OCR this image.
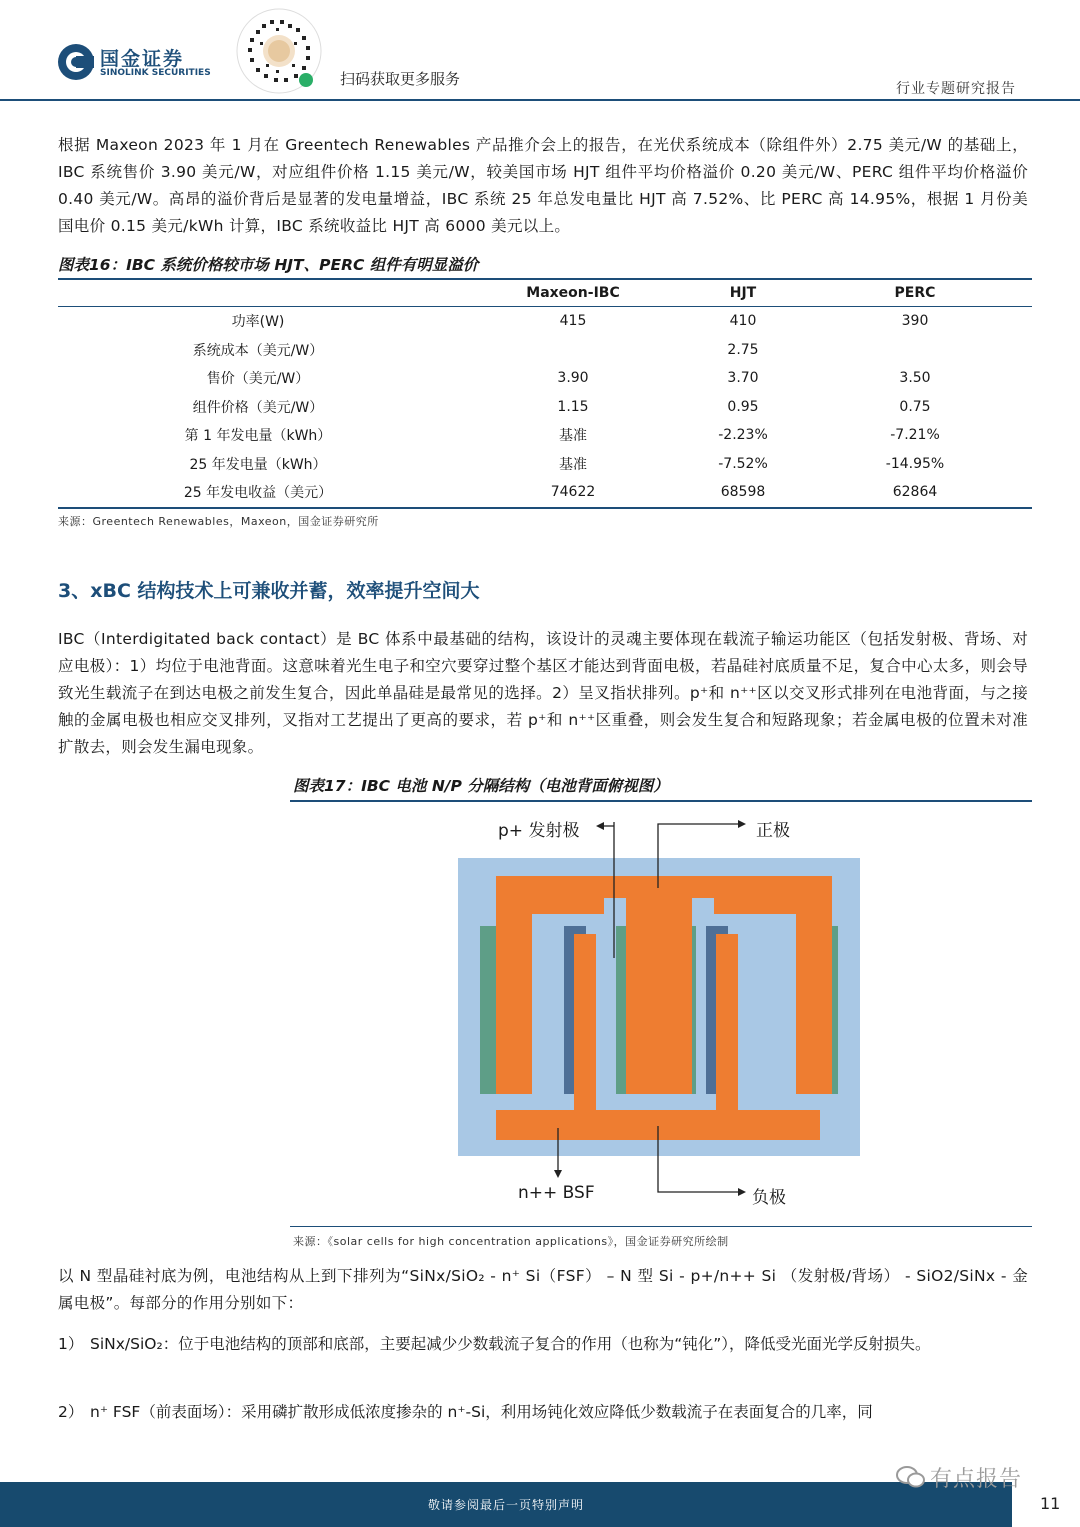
国金证券
SINOLINK SECURITIES	扫码获取更多服务
行业专题研究报告

根据 Maxeon 2023 年 1 月在 Greentech Renewables 产品推介会上的报告，在光伏系统成本（除组件外）2.75 美元/W 的基础上，IBC 系统售价 3.90 美元/W，对应组件价格 1.15 美元/W，较美国市场 HJT 组件平均价格溢价 0.20 美元/W、PERC 组件平均价格溢价 0.40 美元/W。高昂的溢价背后是显著的发电量增益，IBC 系统 25 年总发电量比 HJT 高 7.52%、比 PERC 高 14.95%，根据 1 月份美国电价 0.15 美元/kWh 计算，IBC 系统收益比 HJT 高 6000 美元以上。

图表16：IBC 系统价格较市场 HJT、PERC 组件有明显溢价
	Maxeon-IBC	HJT	PERC
功率(W)	415	410	390
系统成本（美元/W）		2.75	
售价（美元/W）	3.90	3.70	3.50
组件价格（美元/W）	1.15	0.95	0.75
第 1 年发电量（kWh）	基准	-2.23%	-7.21%
25 年发电量（kWh）	基准	-7.52%	-14.95%
25 年发电收益（美元）	74622	68598	62864
来源：Greentech Renewables，Maxeon，国金证券研究所
3、xBC 结构技术上可兼收并蓄，效率提升空间大

IBC（Interdigitated back contact）是 BC 体系中最基础的结构，该设计的灵魂主要体现在载流子输运功能区（包括发射极、背场、对应电极）：1）均位于电池背面。这意味着光生电子和空穴要穿过整个基区才能达到背面电极，若晶硅衬底质量不足，复合中心太多，则会导致光生载流子在到达电极之前发生复合，因此单晶硅是最常见的选择。2）呈叉指状排列。p⁺和 n⁺⁺区以交叉形式排列在电池背面，与之接触的金属电极也相应交叉排列，叉指对工艺提出了更高的要求，若 p⁺和 n⁺⁺区重叠，则会发生复合和短路现象；若金属电极的位置未对准扩散去，则会发生漏电现象。

图表17：IBC 电池 N/P 分隔结构（电池背面俯视图）
p+ 发射极	正极
n++ BSF	负极
来源：《solar cells for high concentration applications》，国金证券研究所绘制

以 N 型晶硅衬底为例，电池结构从上到下排列为“SiNx/SiO₂ - n⁺ Si（FSF） – N 型 Si - p+/n++ Si （发射极/背场） - SiO2/SiNx - 金属电极”。每部分的作用分别如下：

1） SiNx/SiO₂：位于电池结构的顶部和底部，主要起减少少数载流子复合的作用（也称为“钝化”），降低受光面光学反射损失。
2） n⁺ FSF（前表面场）：采用磷扩散形成低浓度掺杂的 n⁺-Si，利用场钝化效应降低少数载流子在表面复合的几率，同
敬请参阅最后一页特别声明	11
有点报告
